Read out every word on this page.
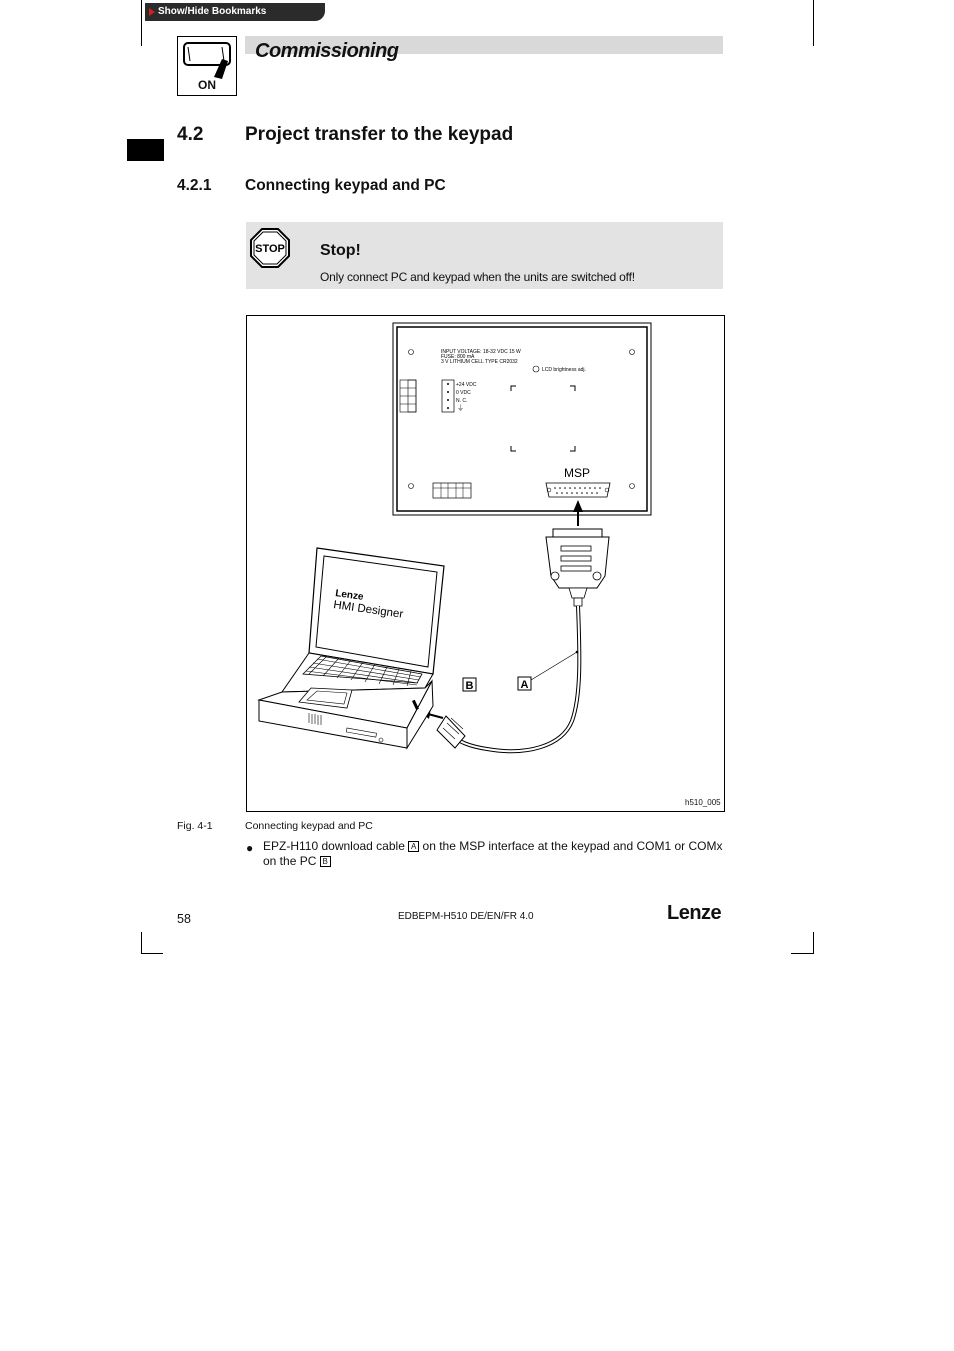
Show/Hide Bookmarks
ON
Commissioning
4.2 Project transfer to the keypad
4.2.1 Connecting keypad and PC
STOP Stop!
Only connect PC and keypad when the units are switched off!
INPUT VOLTAGE: 18-32 VDC 15 W
FUSE: 800 mA
3 V LITHIUM CELL TYPE CR2032
LCD brightness adj.
+24 VDC
0 VDC
N. C.
⏚
MSP
Lenze
HMI Designer
B	A
h510_005
Fig. 4-1	Connecting keypad and PC
● EPZ-H110 download cable A on the MSP interface at the keypad and COM1 or COMx on the PC B
58	EDBEPM-H510 DE/EN/FR 4.0	Lenze
